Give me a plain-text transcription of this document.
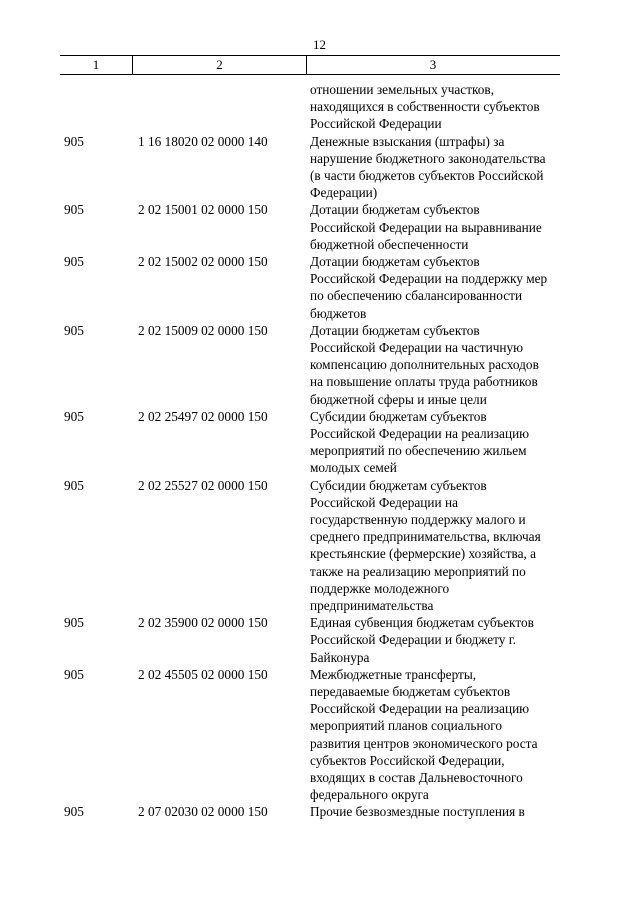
12
1	2	3
отношении земельных участков,
находящихся в собственности субъектов
Российской Федерации
905	1 16 18020 02 0000 140	Денежные взыскания (штрафы) за
нарушение бюджетного законодательства
(в части бюджетов субъектов Российской
Федерации)
905	2 02 15001 02 0000 150	Дотации бюджетам субъектов
Российской Федерации на выравнивание
бюджетной обеспеченности
905	2 02 15002 02 0000 150	Дотации бюджетам субъектов
Российской Федерации на поддержку мер
по обеспечению сбалансированности
бюджетов
905	2 02 15009 02 0000 150	Дотации бюджетам субъектов
Российской Федерации на частичную
компенсацию дополнительных расходов
на повышение оплаты труда работников
бюджетной сферы и иные цели
905	2 02 25497 02 0000 150	Субсидии бюджетам субъектов
Российской Федерации на реализацию
мероприятий по обеспечению жильем
молодых семей
905	2 02 25527 02 0000 150	Субсидии бюджетам субъектов
Российской Федерации на
государственную поддержку малого и
среднего предпринимательства, включая
крестьянские (фермерские) хозяйства, а
также на реализацию мероприятий по
поддержке молодежного
предпринимательства
905	2 02 35900 02 0000 150	Единая субвенция бюджетам субъектов
Российской Федерации и бюджету г.
Байконура
905	2 02 45505 02 0000 150	Межбюджетные трансферты,
передаваемые бюджетам субъектов
Российской Федерации на реализацию
мероприятий планов социального
развития центров экономического роста
субъектов Российской Федерации,
входящих в состав Дальневосточного
федерального округа
905	2 07 02030 02 0000 150	Прочие безвозмездные поступления в
